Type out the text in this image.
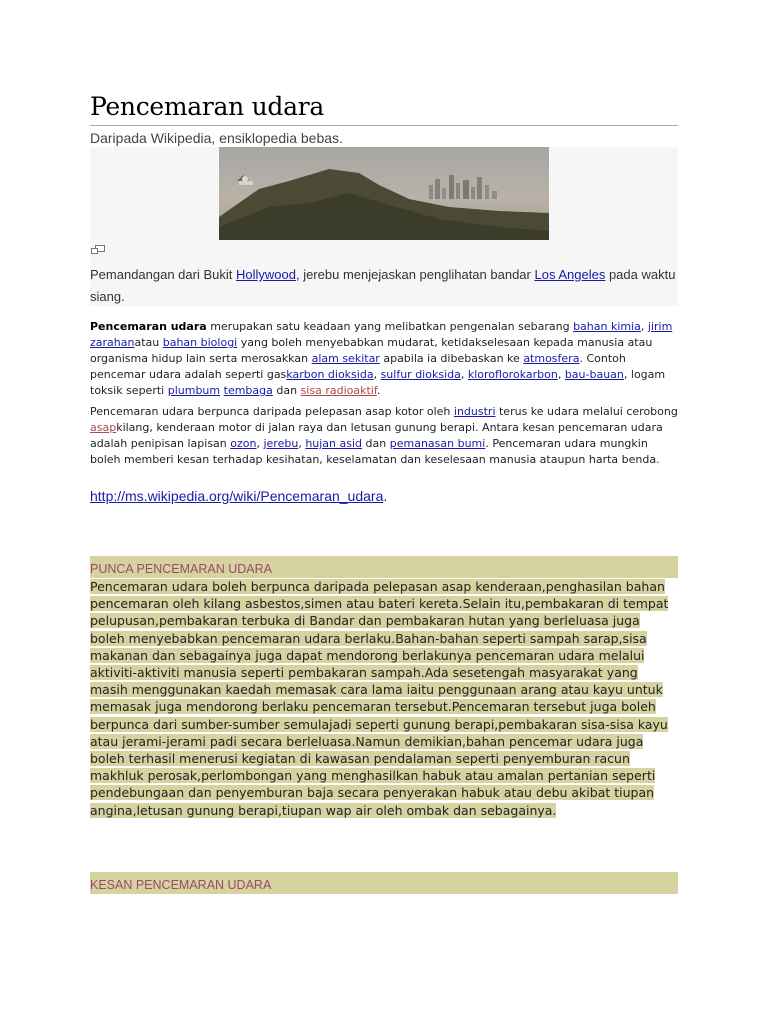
Pencemaran udara
Daripada Wikipedia, ensiklopedia bebas.
Pemandangan dari Bukit Hollywood, jerebu menjejaskan penglihatan bandar Los Angeles pada waktu siang.
Pencemaran udara merupakan satu keadaan yang melibatkan pengenalan sebarang bahan kimia, jirim zarahanatau bahan biologi yang boleh menyebabkan mudarat, ketidakselesaan kepada manusia atau organisma hidup lain serta merosakkan alam sekitar apabila ia dibebaskan ke atmosfera. Contoh pencemar udara adalah seperti gaskarbon dioksida, sulfur dioksida, kloroflorokarbon, bau-bauan, logam toksik seperti plumbum tembaga dan sisa radioaktif.
Pencemaran udara berpunca daripada pelepasan asap kotor oleh industri terus ke udara melalui cerobong asapkilang, kenderaan motor di jalan raya dan letusan gunung berapi. Antara kesan pencemaran udara adalah penipisan lapisan ozon, jerebu, hujan asid dan pemanasan bumi. Pencemaran udara mungkin boleh memberi kesan terhadap kesihatan, keselamatan dan keselesaan manusia ataupun harta benda.
http://ms.wikipedia.org/wiki/Pencemaran_udara.
PUNCA PENCEMARAN UDARA
Pencemaran udara boleh berpunca daripada pelepasan asap kenderaan,penghasilan bahan pencemaran oleh kilang asbestos,simen atau bateri kereta.Selain itu,pembakaran di tempat pelupusan,pembakaran terbuka di Bandar dan pembakaran hutan yang berleluasa juga boleh menyebabkan pencemaran udara berlaku.Bahan-bahan seperti sampah sarap,sisa makanan dan sebagainya juga dapat mendorong berlakunya pencemaran udara melalui aktiviti-aktiviti manusia seperti pembakaran sampah.Ada sesetengah masyarakat yang masih menggunakan kaedah memasak cara lama iaitu penggunaan arang atau kayu untuk memasak juga mendorong berlaku pencemaran tersebut.Pencemaran tersebut juga boleh berpunca dari sumber-sumber semulajadi seperti gunung berapi,pembakaran sisa-sisa kayu atau jerami-jerami padi secara berleluasa.Namun demikian,bahan pencemar udara juga boleh terhasil menerusi kegiatan di kawasan pendalaman seperti penyemburan racun makhluk perosak,perlombongan yang menghasilkan habuk atau amalan pertanian seperti pendebungaan dan penyemburan baja secara penyerakan habuk atau debu akibat tiupan angina,letusan gunung berapi,tiupan wap air oleh ombak dan sebagainya.
KESAN PENCEMARAN UDARA
